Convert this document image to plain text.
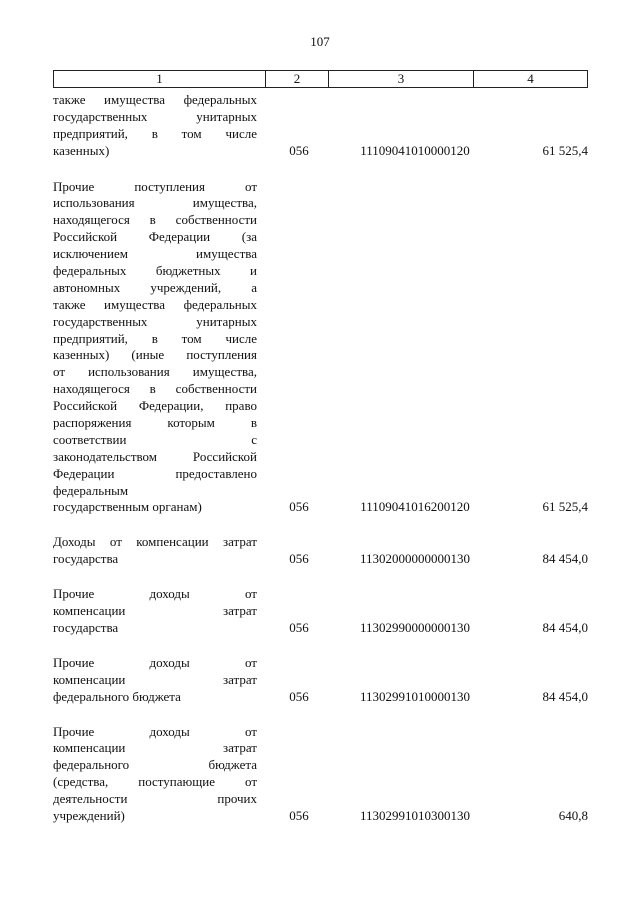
107
1	2	3	4
также имущества федеральных
государственных унитарных
предприятий, в том числе
казенных)	056	11109041010000120	61 525,4
Прочие поступления от
использования имущества,
находящегося в собственности
Российской Федерации (за
исключением имущества
федеральных бюджетных и
автономных учреждений, а
также имущества федеральных
государственных унитарных
предприятий, в том числе
казенных) (иные поступления
от использования имущества,
находящегося в собственности
Российской Федерации, право
распоряжения которым в
соответствии с
законодательством Российской
Федерации предоставлено
федеральным
государственным органам)	056	11109041016200120	61 525,4
Доходы от компенсации затрат
государства	056	11302000000000130	84 454,0
Прочие доходы от
компенсации затрат
государства	056	11302990000000130	84 454,0
Прочие доходы от
компенсации затрат
федерального бюджета	056	11302991010000130	84 454,0
Прочие доходы от
компенсации затрат
федерального бюджета
(средства, поступающие от
деятельности прочих
учреждений)	056	11302991010300130	640,8
